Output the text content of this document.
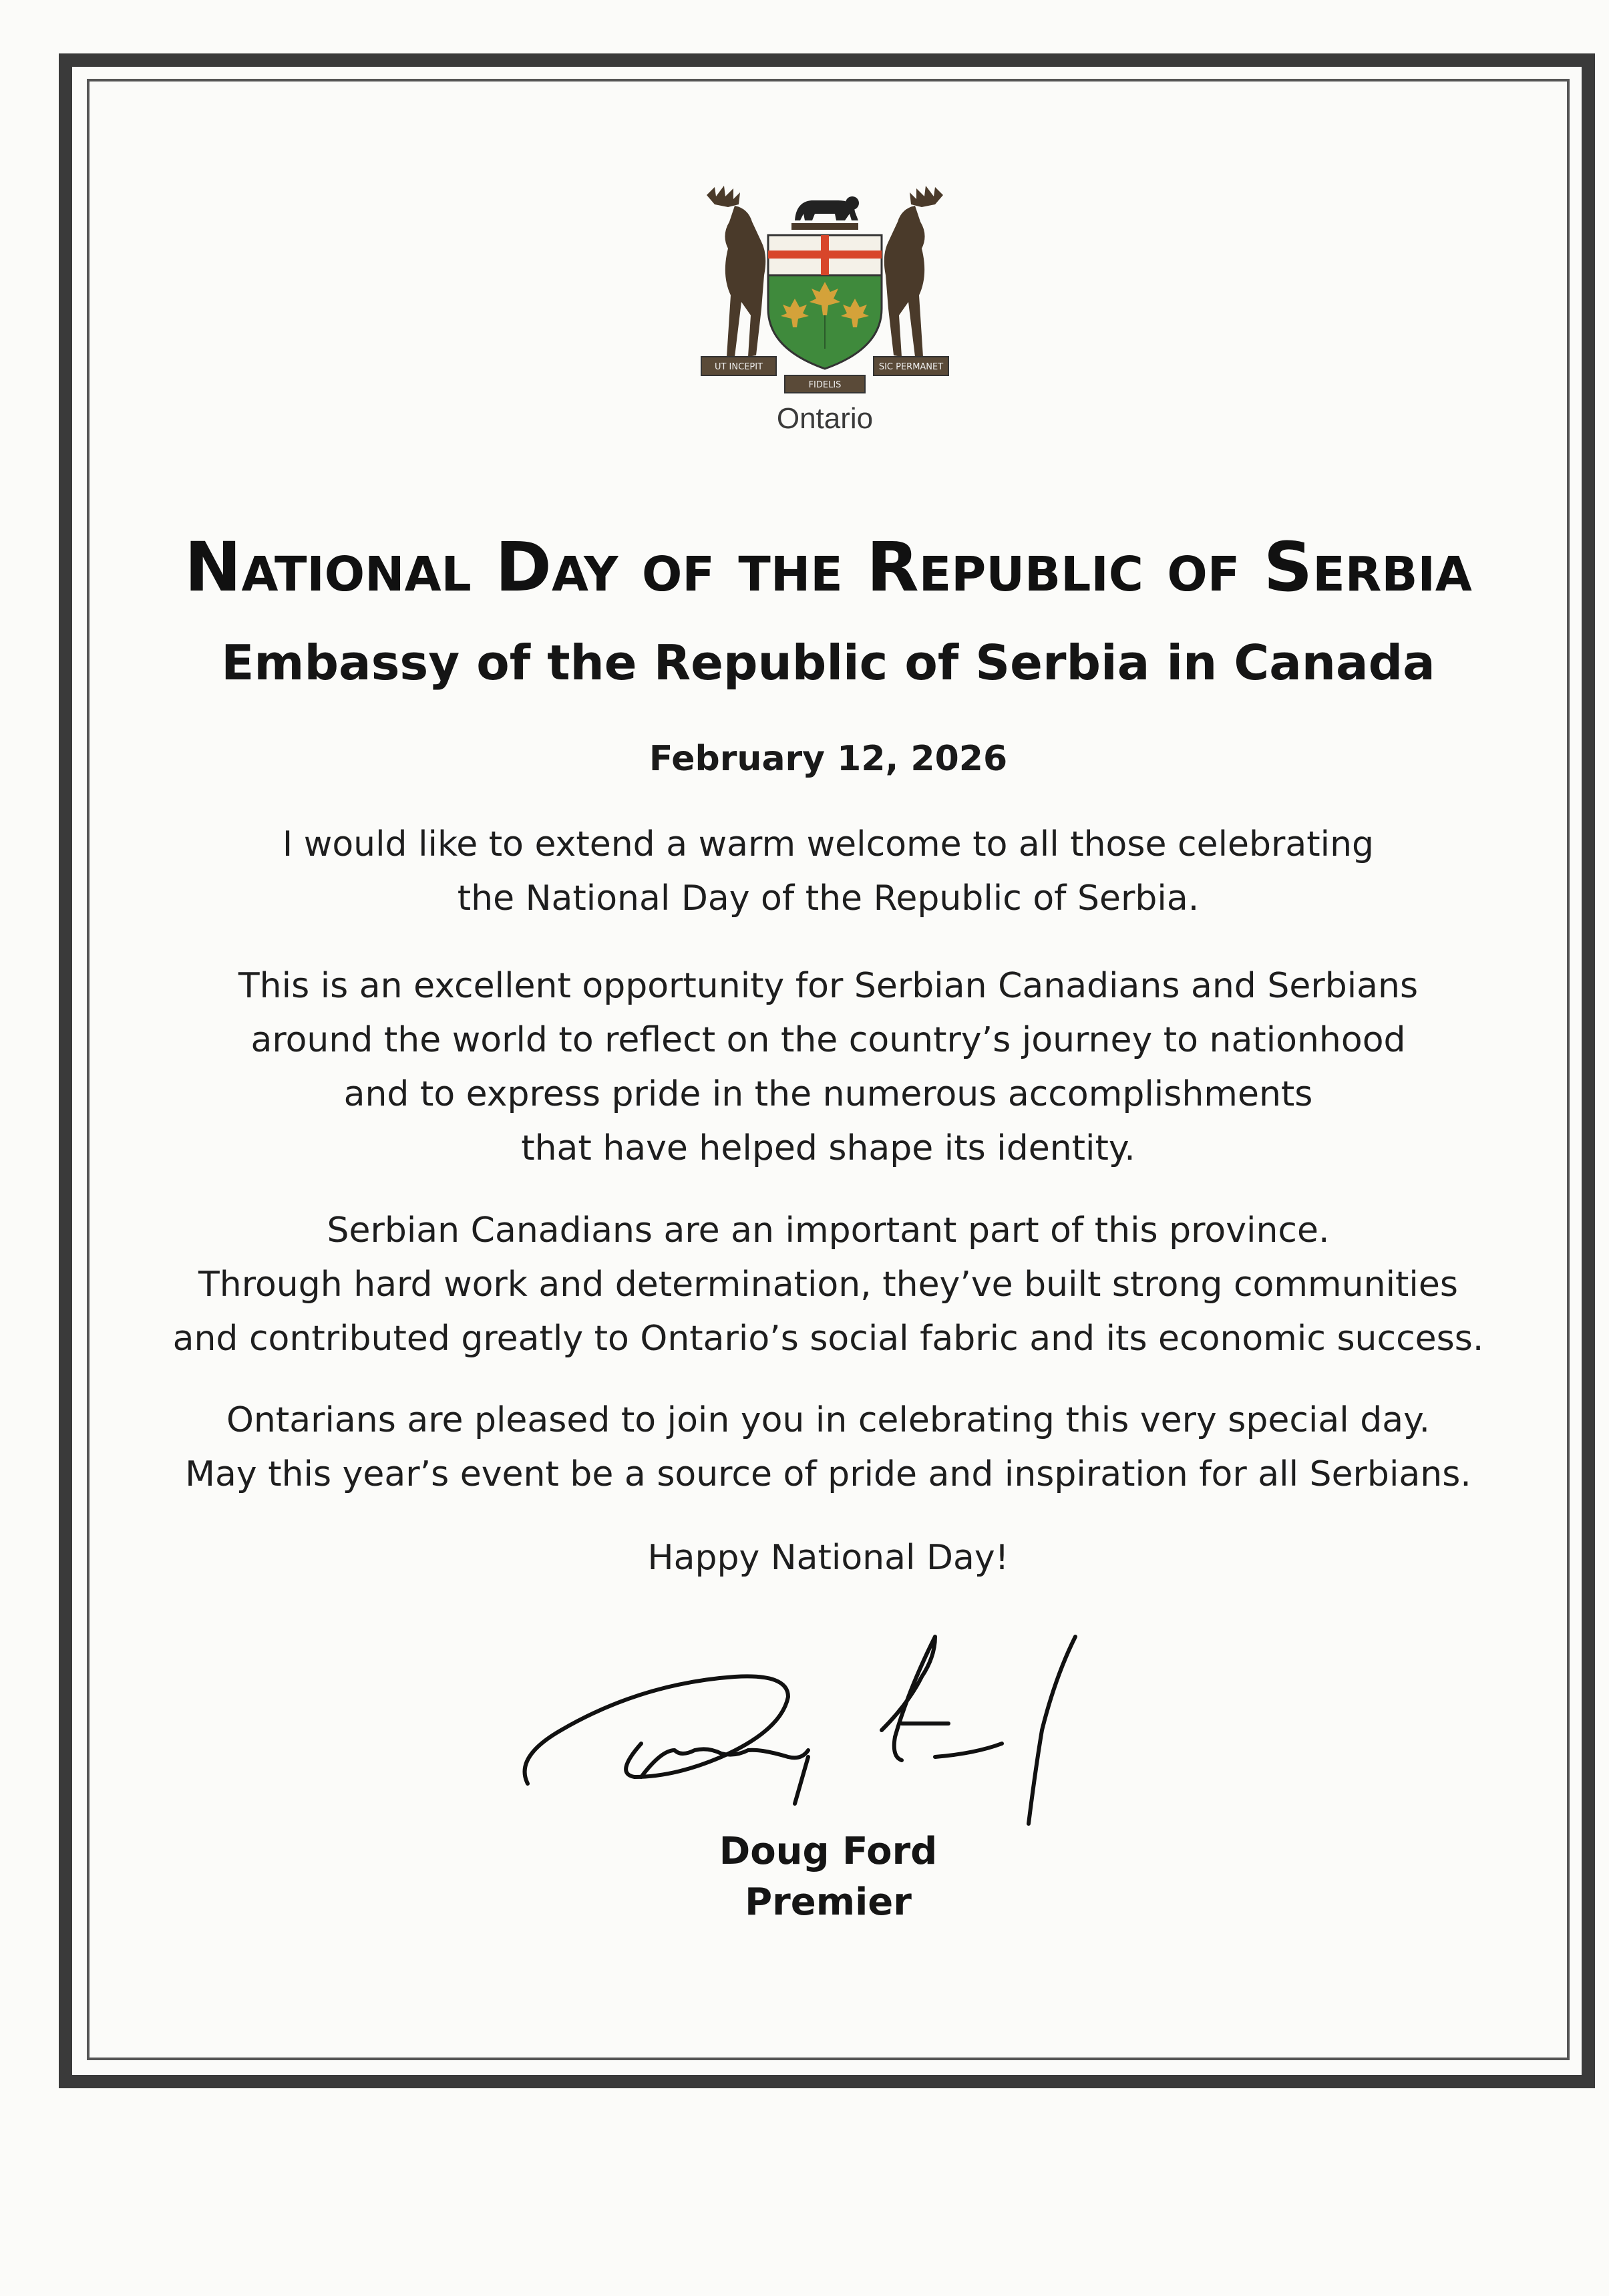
UT INCEPIT	SIC PERMANET
FIDELIS
Ontario
National Day of the Republic of Serbia
Embassy of the Republic of Serbia in Canada
February 12, 2026
I would like to extend a warm welcome to all those celebrating
the National Day of the Republic of Serbia.
This is an excellent opportunity for Serbian Canadians and Serbians
around the world to reflect on the country’s journey to nationhood
and to express pride in the numerous accomplishments
that have helped shape its identity.
Serbian Canadians are an important part of this province.
Through hard work and determination, they’ve built strong communities
and contributed greatly to Ontario’s social fabric and its economic success.
Ontarians are pleased to join you in celebrating this very special day.
May this year’s event be a source of pride and inspiration for all Serbians.
Happy National Day!
Doug Ford
Premier
